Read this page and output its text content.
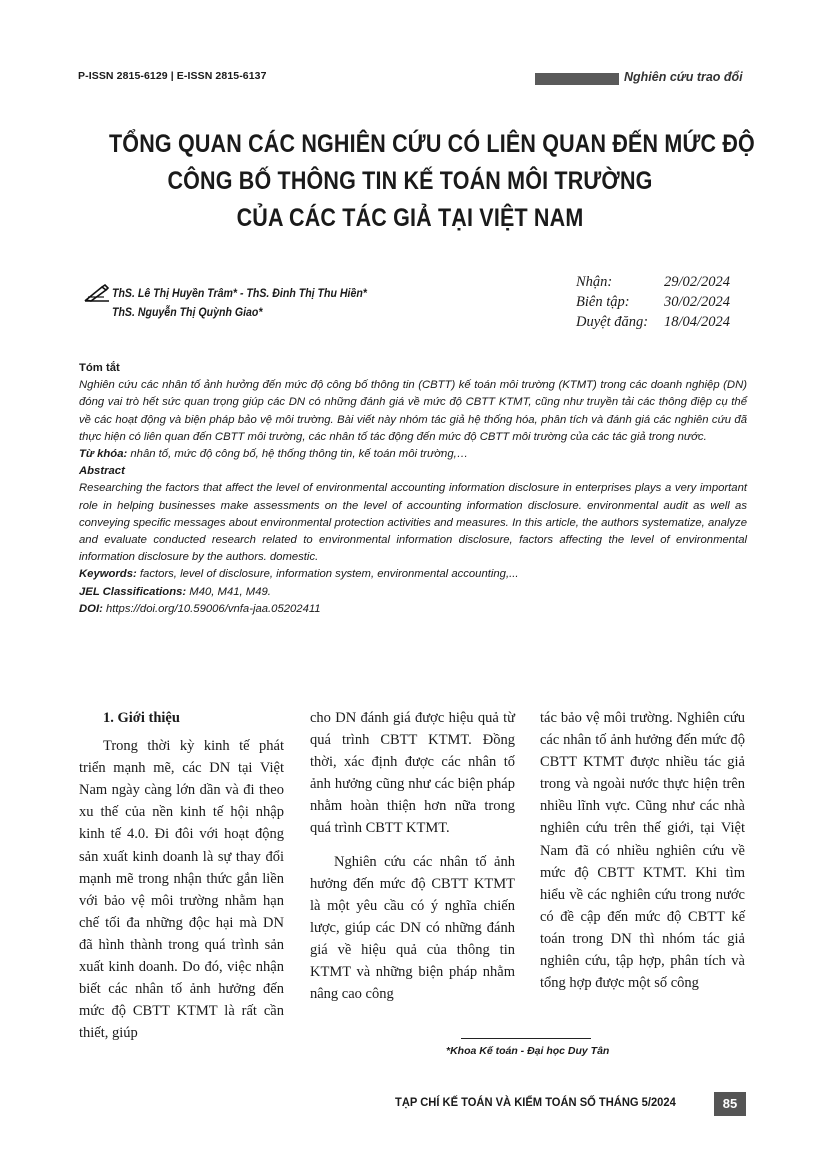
P-ISSN 2815-6129 | E-ISSN 2815-6137	Nghiên cứu trao đổi
TỔNG QUAN CÁC NGHIÊN CỨU CÓ LIÊN QUAN ĐẾN MỨC ĐỘ
CÔNG BỐ THÔNG TIN KẾ TOÁN MÔI TRƯỜNG
CỦA CÁC TÁC GIẢ TẠI VIỆT NAM
ThS. Lê Thị Huyền Trâm* - ThS. Đinh Thị Thu Hiền*

ThS. Nguyễn Thị Quỳnh Giao*
Nhận:	29/02/2024
Biên tập: 30/02/2024
Duyệt đăng: 18/04/2024

Tóm tắt

Nghiên cứu các nhân tố ảnh hưởng đến mức độ công bố thông tin (CBTT) kế toán môi trường (KTMT) trong các doanh nghiệp (DN) đóng vai trò hết sức quan trọng giúp các DN có những đánh giá về mức độ CBTT KTMT, cũng như truyền tải các thông điệp cụ thể về các hoạt động và biện pháp bảo vệ môi trường. Bài viết này nhóm tác giả hệ thống hóa, phân tích và đánh giá các nghiên cứu đã thực hiện có liên quan đến CBTT môi trường, các nhân tố tác động đến mức độ CBTT môi trường của các tác giả trong nước.

Từ khóa: nhân tố, mức độ công bố, hệ thống thông tin, kế toán môi trường,…

Abstract

Researching the factors that affect the level of environmental accounting information disclosure in enterprises plays a very important role in helping businesses make assessments on the level of accounting information disclosure. environmental audit as well as conveying specific messages about environmental protection activities and measures. In this article, the authors systematize, analyze and evaluate conducted research related to environmental information disclosure, factors affecting the level of environmental information disclosure by the authors. domestic.

Keywords: factors, level of disclosure, information system, environmental accounting,...

JEL Classifications: M40, M41, M49.

DOI: https://doi.org/10.59006/vnfa-jaa.05202411

1. Giới thiệu

Trong thời kỳ kinh tế phát triển mạnh mẽ, các DN tại Việt Nam ngày càng lớn dần và đi theo xu thế của nền kinh tế hội nhập kinh tế 4.0. Đi đôi với hoạt động sản xuất kinh doanh là sự thay đổi mạnh mẽ trong nhận thức gắn liền với bảo vệ môi trường nhằm hạn chế tối đa những độc hại mà DN đã hình thành trong quá trình sản xuất kinh doanh. Do đó, việc nhận biết các nhân tố ảnh hưởng đến mức độ CBTT KTMT là rất cần thiết, giúp

cho DN đánh giá được hiệu quả từ quá trình CBTT KTMT. Đồng thời, xác định được các nhân tố ảnh hưởng cũng như các biện pháp nhằm hoàn thiện hơn nữa trong quá trình CBTT KTMT.

Nghiên cứu các nhân tố ảnh hưởng đến mức độ CBTT KTMT là một yêu cầu có ý nghĩa chiến lược, giúp các DN có những đánh giá về hiệu quả của thông tin KTMT và những biện pháp nhằm nâng cao công

tác bảo vệ môi trường. Nghiên cứu các nhân tố ảnh hưởng đến mức độ CBTT KTMT được nhiều tác giả trong và ngoài nước thực hiện trên nhiều lĩnh vực. Cũng như các nhà nghiên cứu trên thế giới, tại Việt Nam đã có nhiều nghiên cứu về mức độ CBTT KTMT. Khi tìm hiểu về các nghiên cứu trong nước có đề cập đến mức độ CBTT kế toán trong DN thì nhóm tác giả nghiên cứu, tập hợp, phân tích và tổng hợp được một số công

*Khoa Kế toán - Đại học Duy Tân
TẠP CHÍ KẾ TOÁN VÀ KIỂM TOÁN SỐ THÁNG 5/2024	85
